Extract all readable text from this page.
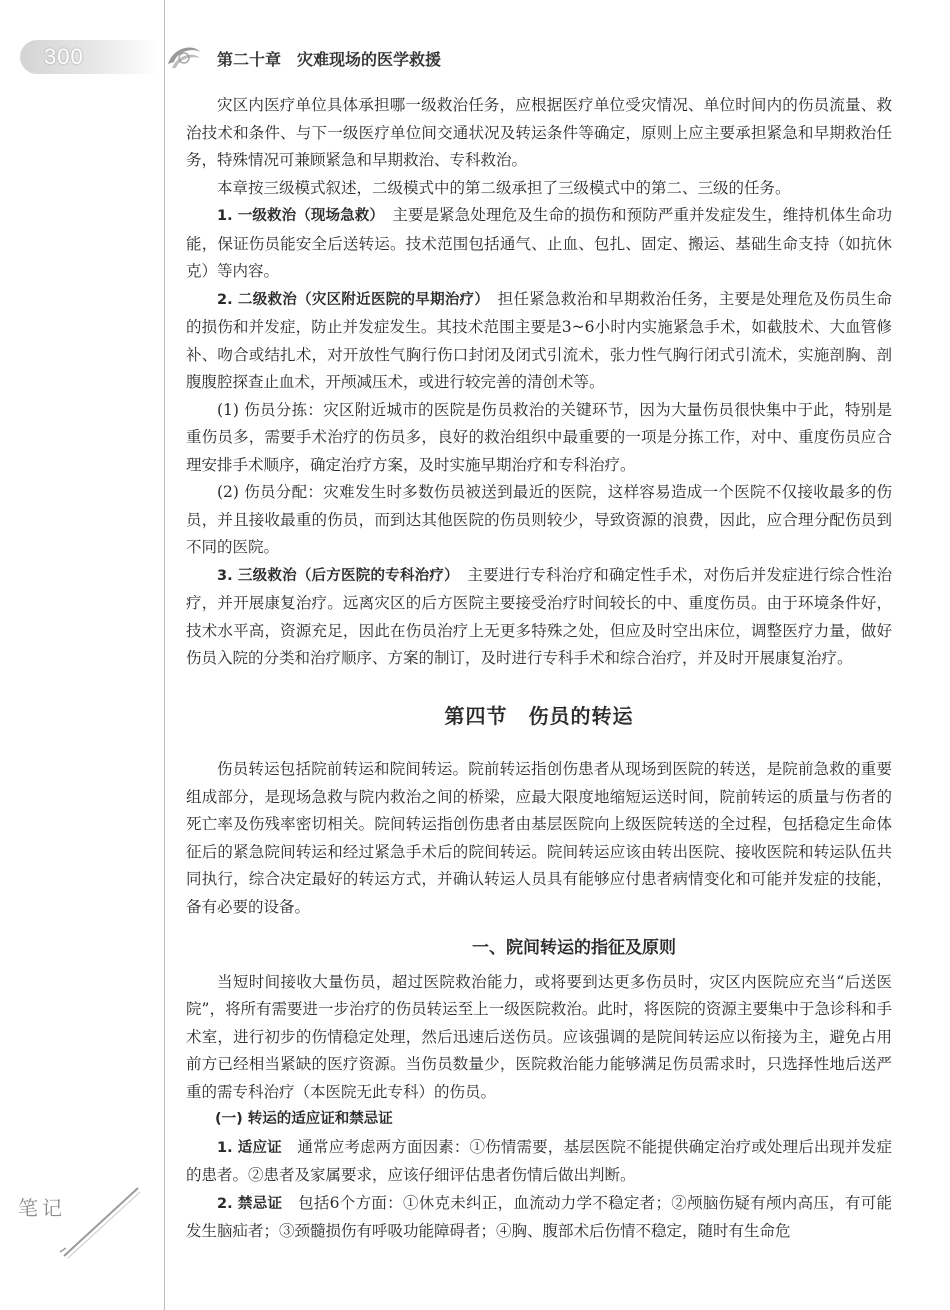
300	第二十章　灾难现场的医学救援

灾区内医疗单位具体承担哪一级救治任务，应根据医疗单位受灾情况、单位时间内的伤员流量、救治技术和条件、与下一级医疗单位间交通状况及转运条件等确定，原则上应主要承担紧急和早期救治任务，特殊情况可兼顾紧急和早期救治、专科救治。

本章按三级模式叙述，二级模式中的第二级承担了三级模式中的第二、三级的任务。

1. 一级救治（现场急救）　 主要是紧急处理危及生命的损伤和预防严重并发症发生，维持机体生命功能，保证伤员能安全后送转运。技术范围包括通气、止血、包扎、固定、搬运、基础生命支持（如抗休克）等内容。

2. 二级救治（灾区附近医院的早期治疗）　 担任紧急救治和早期救治任务，主要是处理危及伤员生命的损伤和并发症，防止并发症发生。其技术范围主要是3~6小时内实施紧急手术，如截肢术、大血管修补、吻合或结扎术，对开放性气胸行伤口封闭及闭式引流术，张力性气胸行闭式引流术，实施剖胸、剖腹腹腔探查止血术，开颅减压术，或进行较完善的清创术等。

(1) 伤员分拣：灾区附近城市的医院是伤员救治的关键环节，因为大量伤员很快集中于此，特别是重伤员多，需要手术治疗的伤员多，良好的救治组织中最重要的一项是分拣工作，对中、重度伤员应合理安排手术顺序，确定治疗方案，及时实施早期治疗和专科治疗。

(2) 伤员分配：灾难发生时多数伤员被送到最近的医院，这样容易造成一个医院不仅接收最多的伤员，并且接收最重的伤员，而到达其他医院的伤员则较少，导致资源的浪费，因此，应合理分配伤员到不同的医院。

3. 三级救治（后方医院的专科治疗）　 主要进行专科治疗和确定性手术，对伤后并发症进行综合性治疗，并开展康复治疗。远离灾区的后方医院主要接受治疗时间较长的中、重度伤员。由于环境条件好，技术水平高，资源充足，因此在伤员治疗上无更多特殊之处，但应及时空出床位，调整医疗力量，做好伤员入院的分类和治疗顺序、方案的制订，及时进行专科手术和综合治疗，并及时开展康复治疗。

第四节　伤员的转运

伤员转运包括院前转运和院间转运。院前转运指创伤患者从现场到医院的转送，是院前急救的重要组成部分，是现场急救与院内救治之间的桥梁，应最大限度地缩短运送时间，院前转运的质量与伤者的死亡率及伤残率密切相关。院间转运指创伤患者由基层医院向上级医院转送的全过程，包括稳定生命体征后的紧急院间转运和经过紧急手术后的院间转运。院间转运应该由转出医院、接收医院和转运队伍共同执行，综合决定最好的转运方式，并确认转运人员具有能够应付患者病情变化和可能并发症的技能，备有必要的设备。

一、院间转运的指征及原则

当短时间接收大量伤员，超过医院救治能力，或将要到达更多伤员时，灾区内医院应充当“后送医院”，将所有需要进一步治疗的伤员转运至上一级医院救治。此时，将医院的资源主要集中于急诊科和手术室，进行初步的伤情稳定处理，然后迅速后送伤员。应该强调的是院间转运应以衔接为主，避免占用前方已经相当紧缺的医疗资源。当伤员数量少，医院救治能力能够满足伤员需求时，只选择性地后送严重的需专科治疗（本医院无此专科）的伤员。

(一) 转运的适应证和禁忌证

1. 适应证　 通常应考虑两方面因素：①伤情需要，基层医院不能提供确定治疗或处理后出现并发症的患者。②患者及家属要求，应该仔细评估患者伤情后做出判断。

2. 禁忌证　 包括6个方面：①休克未纠正，血流动力学不稳定者；②颅脑伤疑有颅内高压，有可能发生脑疝者；③颈髓损伤有呼吸功能障碍者；④胸、腹部术后伤情不稳定，随时有生命危

笔记
